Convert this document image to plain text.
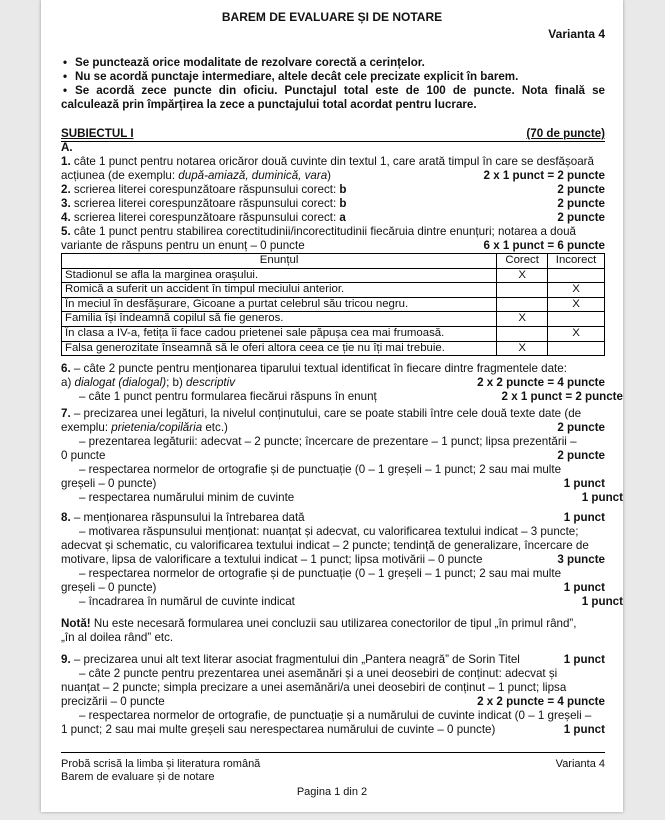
BAREM DE EVALUARE ȘI DE NOTARE
Varianta 4
• Se punctează orice modalitate de rezolvare corectă a cerințelor.
• Nu se acordă punctaje intermediare, altele decât cele precizate explicit în barem.
• Se acordă zece puncte din oficiu. Punctajul total este de 100 de puncte. Nota finală se calculează prin împărțirea la zece a punctajului total acordat pentru lucrare.
SUBIECTUL I	(70 de puncte)
A.
1. câte 1 punct pentru notarea oricăror două cuvinte din textul 1, care arată timpul în care se desfășoară
acțiunea (de exemplu: după-amiază, duminică, vara)	2 x 1 punct = 2 puncte
2. scrierea literei corespunzătoare răspunsului corect: b	2 puncte
3. scrierea literei corespunzătoare răspunsului corect: b	2 puncte
4. scrierea literei corespunzătoare răspunsului corect: a	2 puncte
5. câte 1 punct pentru stabilirea corectitudinii/incorectitudinii fiecăruia dintre enunțuri; notarea a două
variante de răspuns pentru un enunț – 0 puncte	6 x 1 punct = 6 puncte
Enunțul	Corect	Incorect
Stadionul se afla la marginea orașului.	X	
Romică a suferit un accident în timpul meciului anterior.		X
În meciul în desfășurare, Gicoane a purtat celebrul său tricou negru.		X
Familia își îndeamnă copilul să fie generos.	X	
În clasa a IV-a, fetița îi face cadou prietenei sale păpușa cea mai frumoasă.		X
Falsa generozitate înseamnă să le oferi altora ceea ce ție nu îți mai trebuie.	X	
6. – câte 2 puncte pentru menționarea tiparului textual identificat în fiecare dintre fragmentele date:
a) dialogat (dialogal); b) descriptiv	2 x 2 puncte = 4 puncte
– câte 1 punct pentru formularea fiecărui răspuns în enunț	2 x 1 punct = 2 puncte
7. – precizarea unei legături, la nivelul conținutului, care se poate stabili între cele două texte date (de
exemplu: prietenia/copilăria etc.)	2 puncte
– prezentarea legăturii: adecvat – 2 puncte; încercare de prezentare – 1 punct; lipsa prezentării –
0 puncte	2 puncte
– respectarea normelor de ortografie și de punctuație (0 – 1 greșeli – 1 punct; 2 sau mai multe
greșeli – 0 puncte)	1 punct
– respectarea numărului minim de cuvinte	1 punct
8. – menționarea răspunsului la întrebarea dată	1 punct
– motivarea răspunsului menționat: nuanțat și adecvat, cu valorificarea textului indicat – 3 puncte;
adecvat și schematic, cu valorificarea textului indicat – 2 puncte; tendință de generalizare, încercare de
motivare, lipsa de valorificare a textului indicat – 1 punct; lipsa motivării – 0 puncte	3 puncte
– respectarea normelor de ortografie și de punctuație (0 – 1 greșeli – 1 punct; 2 sau mai multe
greșeli – 0 puncte)	1 punct
– încadrarea în numărul de cuvinte indicat	1 punct
Notă! Nu este necesară formularea unei concluzii sau utilizarea conectorilor de tipul „în primul rând”,
„în al doilea rând” etc.
9. – precizarea unui alt text literar asociat fragmentului din „Pantera neagră” de Sorin Titel	1 punct
– câte 2 puncte pentru prezentarea unei asemănări și a unei deosebiri de conținut: adecvat și
nuanțat – 2 puncte; simpla precizare a unei asemănări/a unei deosebiri de conținut – 1 punct; lipsa
precizării – 0 puncte	2 x 2 puncte = 4 puncte
– respectarea normelor de ortografie, de punctuație și a numărului de cuvinte indicat (0 – 1 greșeli –
1 punct; 2 sau mai multe greșeli sau nerespectarea numărului de cuvinte – 0 puncte)	1 punct
Probă scrisă la limba și literatura română	Varianta 4
Barem de evaluare și de notare
Pagina 1 din 2
